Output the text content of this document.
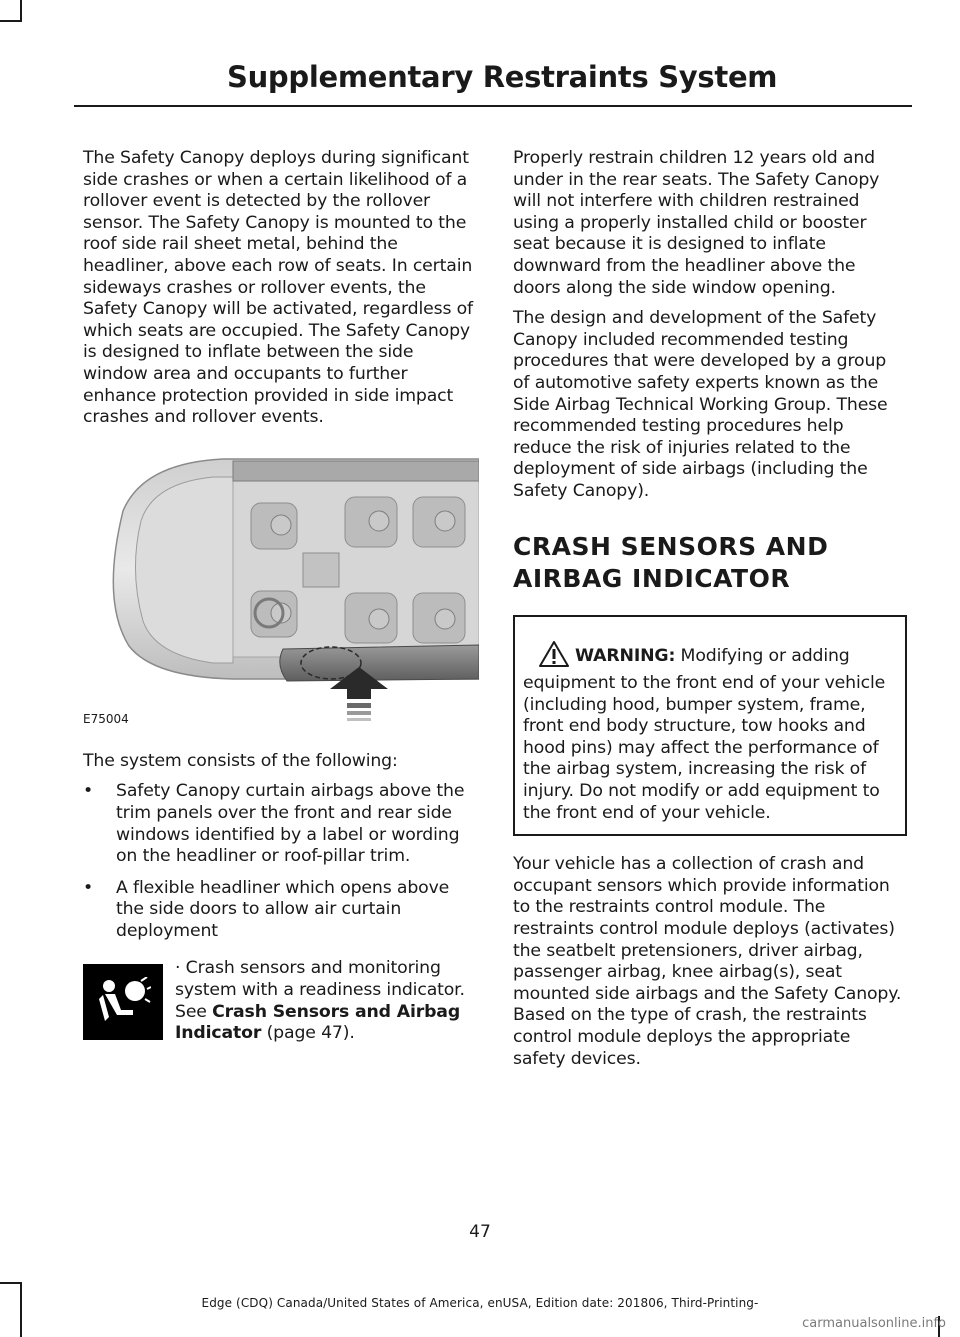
Supplementary Restraints System

The Safety Canopy deploys during significant side crashes or when a certain likelihood of a rollover event is detected by the rollover sensor. The Safety Canopy is mounted to the roof side rail sheet metal, behind the headliner, above each row of seats. In certain sideways crashes or rollover events, the Safety Canopy will be activated, regardless of which seats are occupied. The Safety Canopy is designed to inflate between the side window area and occupants to further enhance protection provided in side impact crashes and rollover events.

E75004

The system consists of the following:

• Safety Canopy curtain airbags above the trim panels over the front and rear side windows identified by a label or wording on the headliner or roof-pillar trim.
• A flexible headliner which opens above the side doors to allow air curtain deployment
· Crash sensors and monitoring system with a readiness indicator. See Crash Sensors and Airbag Indicator (page 47).

Properly restrain children 12 years old and under in the rear seats. The Safety Canopy will not interfere with children restrained using a properly installed child or booster seat because it is designed to inflate downward from the headliner above the doors along the side window opening.

The design and development of the Safety Canopy included recommended testing procedures that were developed by a group of automotive safety experts known as the Side Airbag Technical Working Group. These recommended testing procedures help reduce the risk of injuries related to the deployment of side airbags (including the Safety Canopy).

CRASH SENSORS AND
AIRBAG INDICATOR
WARNING: Modifying or adding equipment to the front end of your vehicle (including hood, bumper system, frame, front end body structure, tow hooks and hood pins) may affect the performance of the airbag system, increasing the risk of injury. Do not modify or add equipment to the front end of your vehicle.

Your vehicle has a collection of crash and occupant sensors which provide information to the restraints control module. The restraints control module deploys (activates) the seatbelt pretensioners, driver airbag, passenger airbag, knee airbag(s), seat mounted side airbags and the Safety Canopy. Based on the type of crash, the restraints control module deploys the appropriate safety devices.

47
Edge (CDQ) Canada/United States of America, enUSA, Edition date: 201806, Third-Printing-
carmanualsonline.info
